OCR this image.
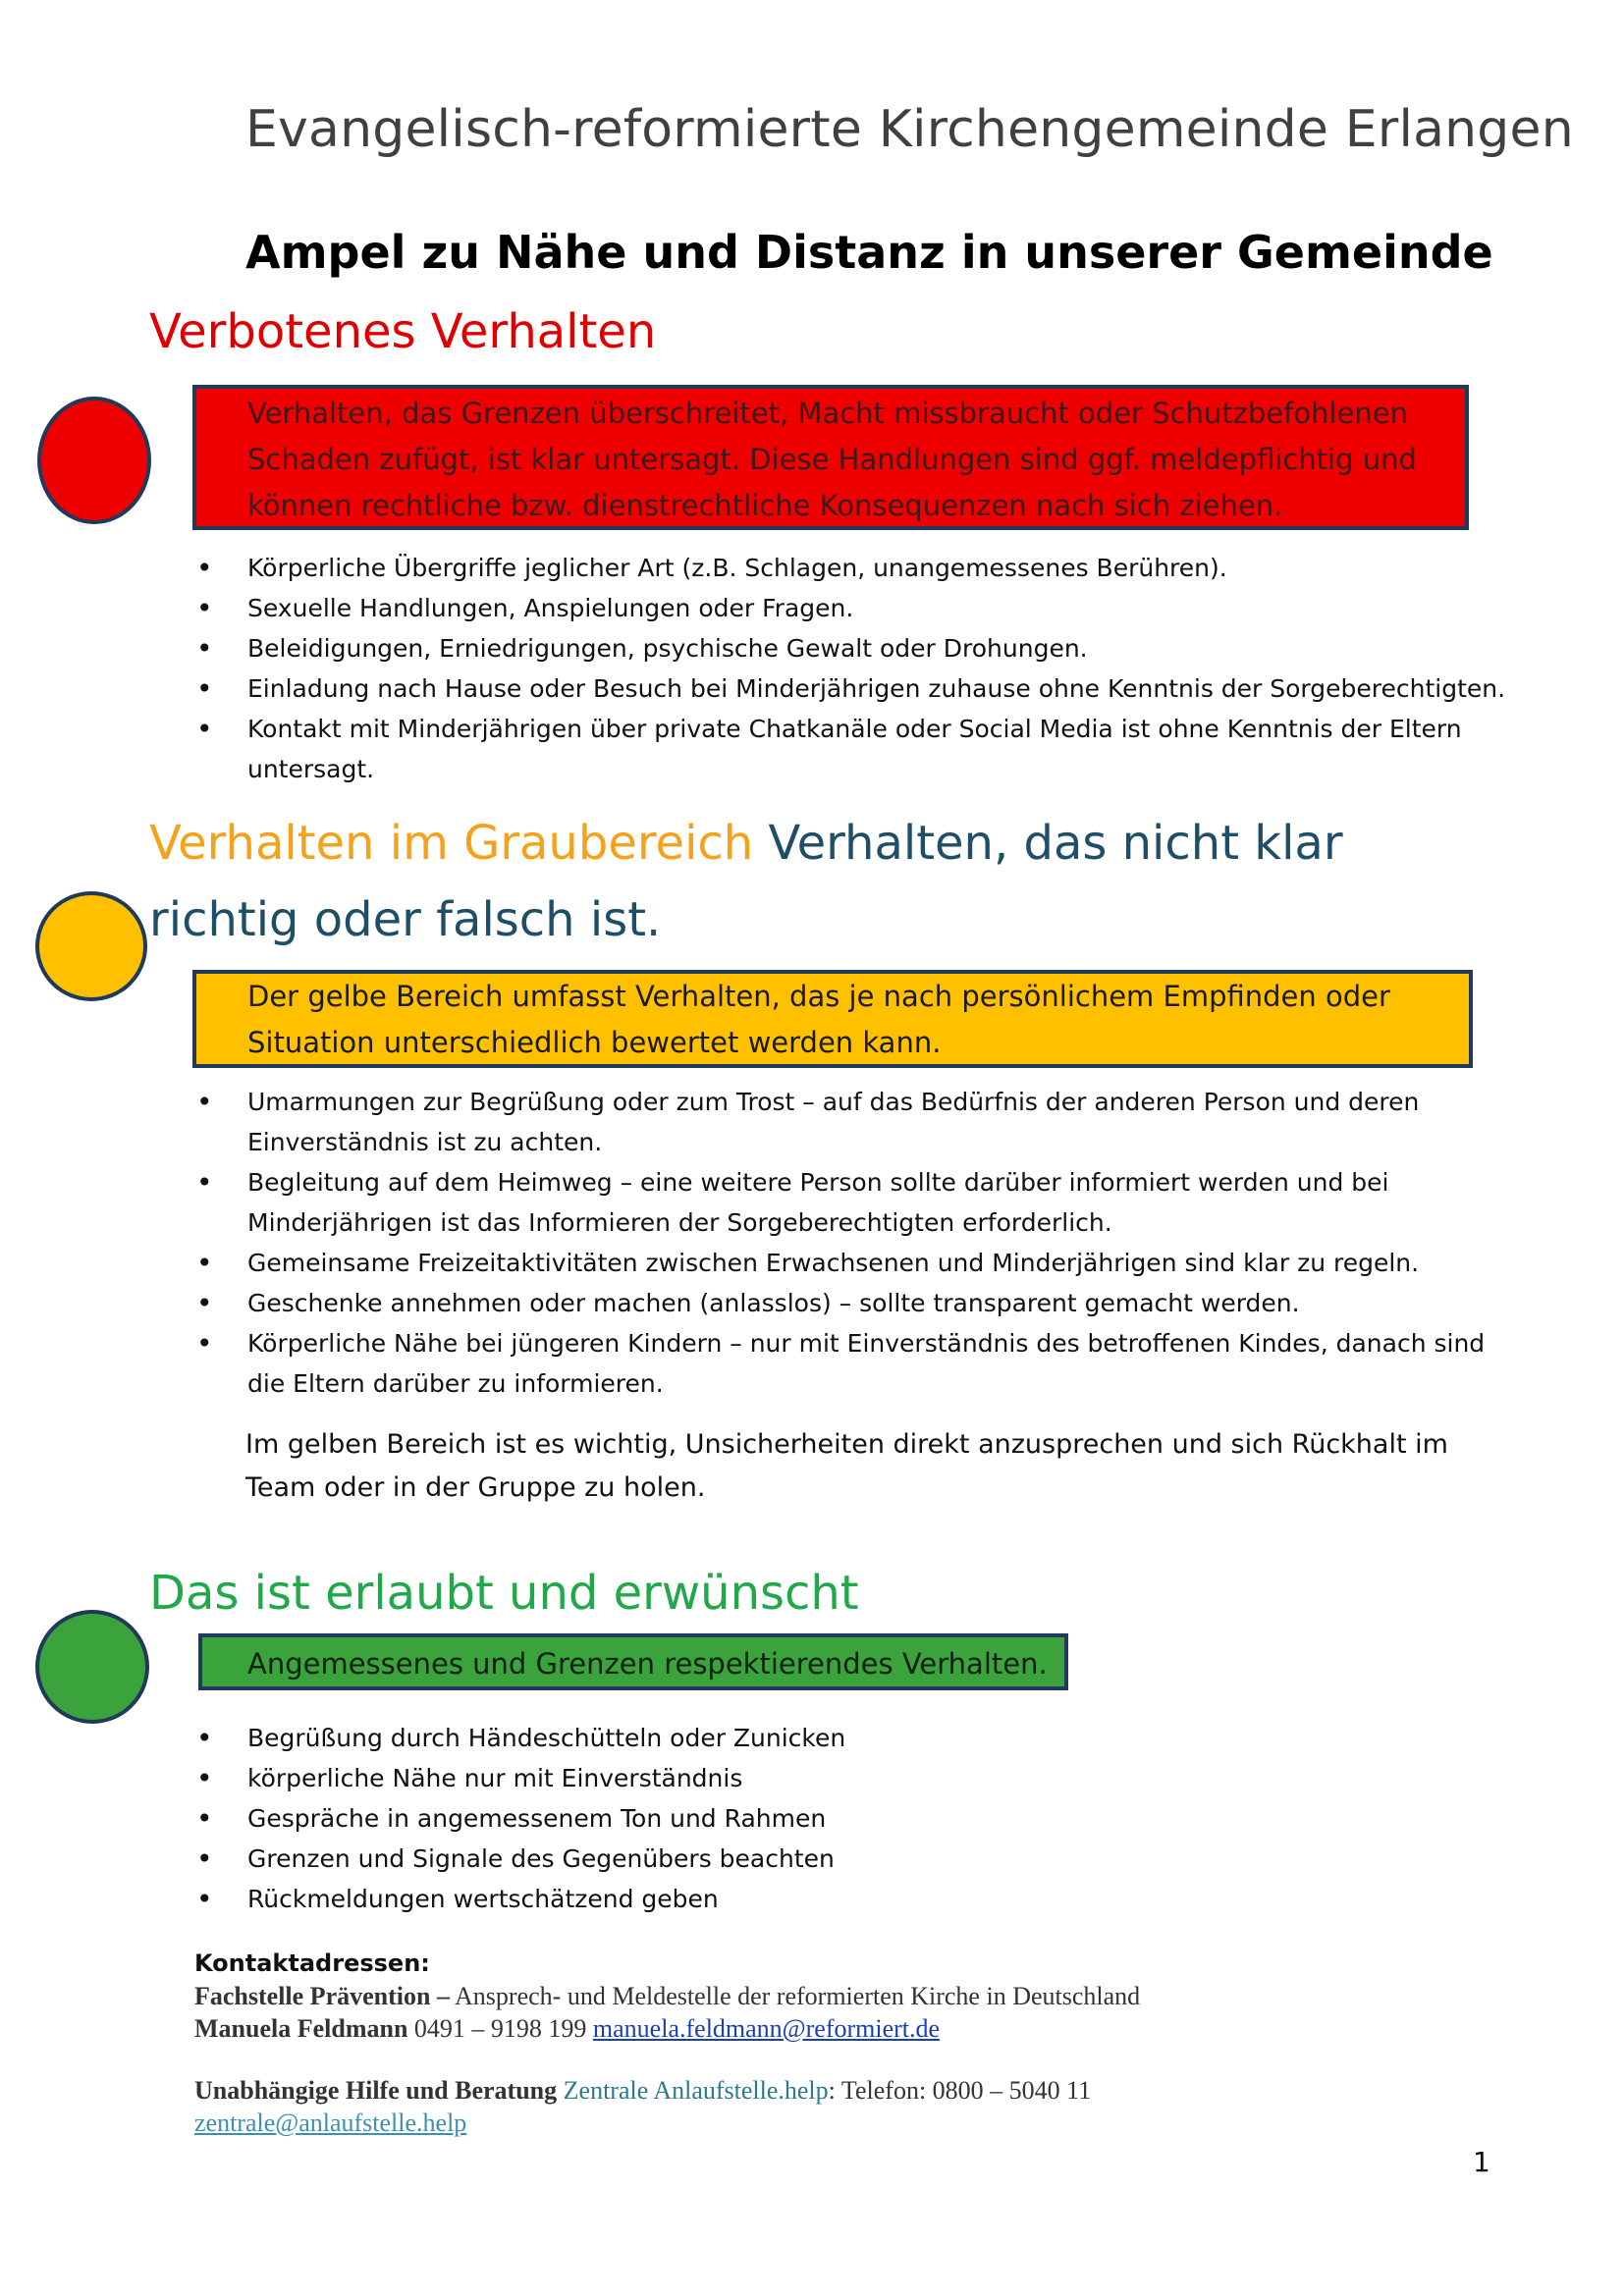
Evangelisch-reformierte Kirchengemeinde Erlangen
Ampel zu Nähe und Distanz in unserer Gemeinde
Verbotenes Verhalten
Verhalten, das Grenzen überschreitet, Macht missbraucht oder Schutzbefohlenen Schaden zufügt, ist klar untersagt. Diese Handlungen sind ggf. meldepflichtig und können rechtliche bzw. dienstrechtliche Konsequenzen nach sich ziehen.
• Körperliche Übergriffe jeglicher Art (z.B. Schlagen, unangemessenes Berühren).
• Sexuelle Handlungen, Anspielungen oder Fragen.
• Beleidigungen, Erniedrigungen, psychische Gewalt oder Drohungen.
• Einladung nach Hause oder Besuch bei Minderjährigen zuhause ohne Kenntnis der Sorgeberechtigten.
• Kontakt mit Minderjährigen über private Chatkanäle oder Social Media ist ohne Kenntnis der Eltern untersagt.
Verhalten im Graubereich Verhalten, das nicht klar richtig oder falsch ist.
Der gelbe Bereich umfasst Verhalten, das je nach persönlichem Empfinden oder Situation unterschiedlich bewertet werden kann.
• Umarmungen zur Begrüßung oder zum Trost – auf das Bedürfnis der anderen Person und deren Einverständnis ist zu achten.
• Begleitung auf dem Heimweg – eine weitere Person sollte darüber informiert werden und bei Minderjährigen ist das Informieren der Sorgeberechtigten erforderlich.
• Gemeinsame Freizeitaktivitäten zwischen Erwachsenen und Minderjährigen sind klar zu regeln.
• Geschenke annehmen oder machen (anlasslos) – sollte transparent gemacht werden.
• Körperliche Nähe bei jüngeren Kindern – nur mit Einverständnis des betroffenen Kindes, danach sind die Eltern darüber zu informieren.
Im gelben Bereich ist es wichtig, Unsicherheiten direkt anzusprechen und sich Rückhalt im Team oder in der Gruppe zu holen.
Das ist erlaubt und erwünscht
Angemessenes und Grenzen respektierendes Verhalten.
• Begrüßung durch Händeschütteln oder Zunicken
• körperliche Nähe nur mit Einverständnis
• Gespräche in angemessenem Ton und Rahmen
• Grenzen und Signale des Gegenübers beachten
• Rückmeldungen wertschätzend geben
Kontaktadressen:
Fachstelle Prävention – Ansprech- und Meldestelle der reformierten Kirche in Deutschland
Manuela Feldmann 0491 – 9198 199 manuela.feldmann@reformiert.de
Unabhängige Hilfe und Beratung Zentrale Anlaufstelle.help: Telefon: 0800 – 5040 11
zentrale@anlaufstelle.help
1
